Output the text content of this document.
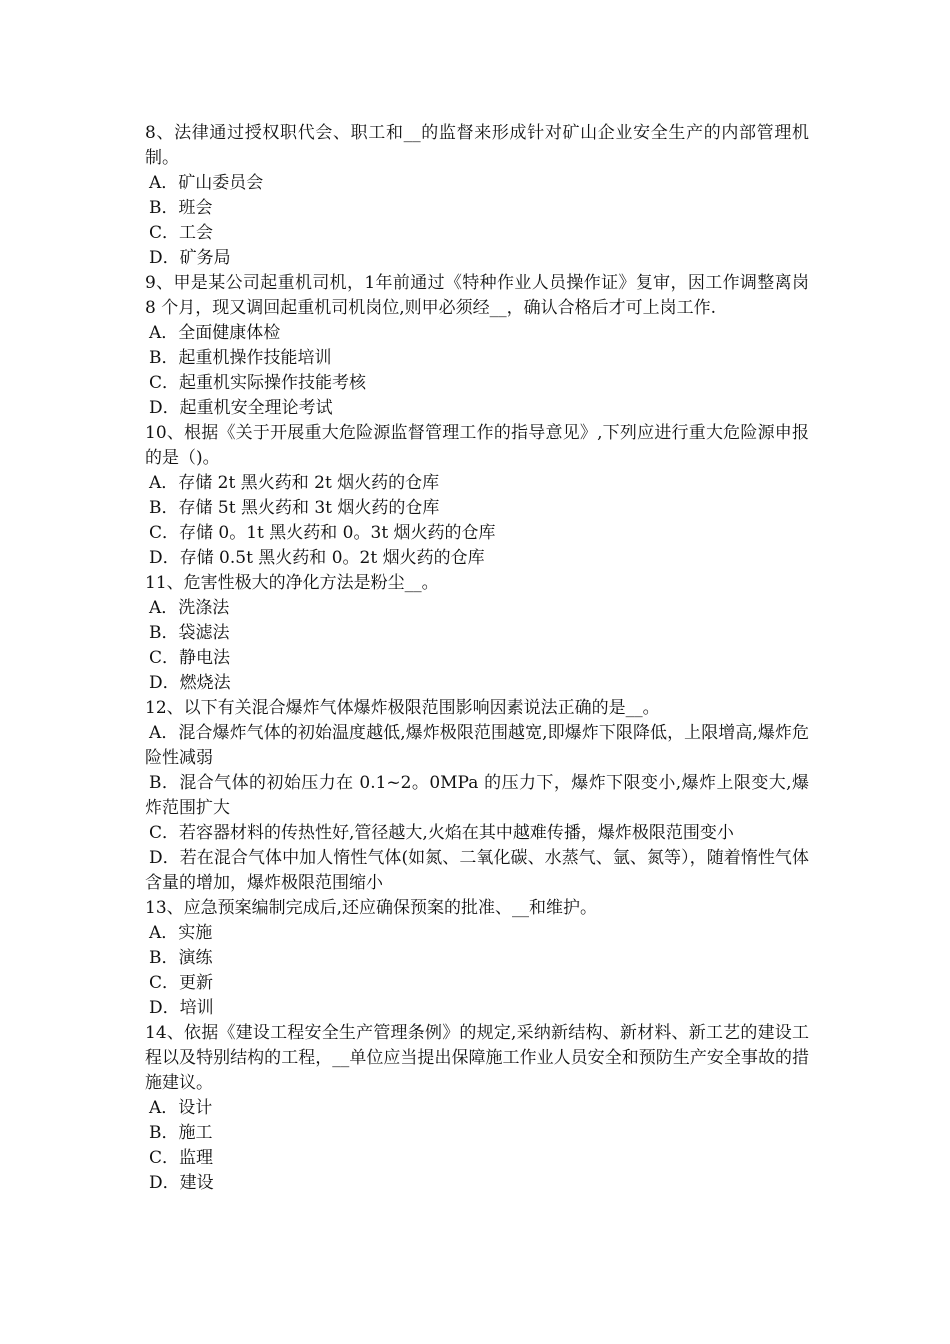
8、法律通过授权职代会、职工和__的监督来形成针对矿山企业安全生产的内部管理机制。

A．矿山委员会

B．班会

C．工会

D．矿务局

9、甲是某公司起重机司机，1年前通过《特种作业人员操作证》复审，因工作调整离岗 8 个月，现又调回起重机司机岗位,则甲必须经__，确认合格后才可上岗工作.

A．全面健康体检

B．起重机操作技能培训

C．起重机实际操作技能考核

D．起重机安全理论考试

10、根据《关于开展重大危险源监督管理工作的指导意见》,下列应进行重大危险源申报的是（)。

A．存储 2t 黑火药和 2t 烟火药的仓库

B．存储 5t 黑火药和 3t 烟火药的仓库

C．存储 0。1t 黑火药和 0。3t 烟火药的仓库

D．存储 0.5t 黑火药和 0。2t 烟火药的仓库

11、危害性极大的净化方法是粉尘__。

A．洗涤法

B．袋滤法

C．静电法

D．燃烧法

12、以下有关混合爆炸气体爆炸极限范围影响因素说法正确的是__。

A．混合爆炸气体的初始温度越低,爆炸极限范围越宽,即爆炸下限降低，上限增高,爆炸危险性减弱

B．混合气体的初始压力在 0.1~2。0MPa 的压力下，爆炸下限变小,爆炸上限变大,爆炸范围扩大

C．若容器材料的传热性好,管径越大,火焰在其中越难传播，爆炸极限范围变小

D．若在混合气体中加人惰性气体(如氮、二氧化碳、水蒸气、氩、氮等），随着惰性气体含量的增加，爆炸极限范围缩小

13、应急预案编制完成后,还应确保预案的批准、__和维护。

A．实施

B．演练

C．更新

D．培训

14、依据《建设工程安全生产管理条例》的规定,采纳新结构、新材料、新工艺的建设工程以及特别结构的工程，__单位应当提出保障施工作业人员安全和预防生产安全事故的措施建议。

A．设计

B．施工

C．监理

D．建设
